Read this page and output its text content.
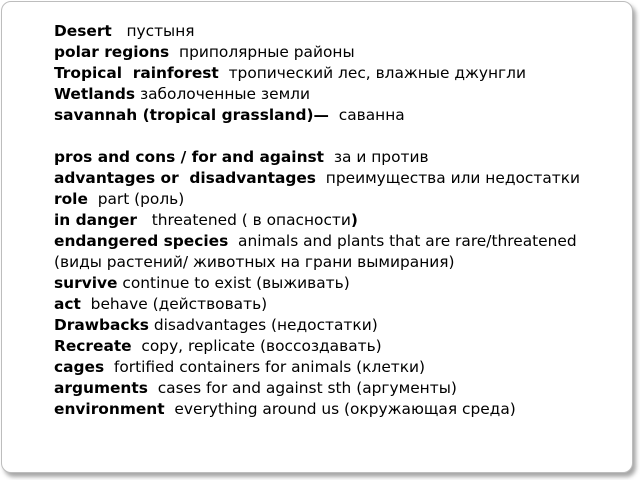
Desert пустыня

polar regions приполярные районы

Tropical  rainforest тропический лес, влажные джунгли

Wetlands заболоченные земли

savannah (tropical grassland)— саванна

pros and cons / for and against за и против

advantages or  disadvantages преимущества или недостатки

role part (роль)

in danger threatened ( в опасности)

endangered species animals and plants that are rare/threatened (виды растений/ животных на грани вымирания)

survive continue to exist (выживать)

act behave (действовать)

Drawbacks disadvantages (недостатки)

Recreate copy, replicate (воссоздавать)

cages fortified containers for animals (клетки)

arguments cases for and against sth (аргументы)

environment everything around us (окружающая среда)
